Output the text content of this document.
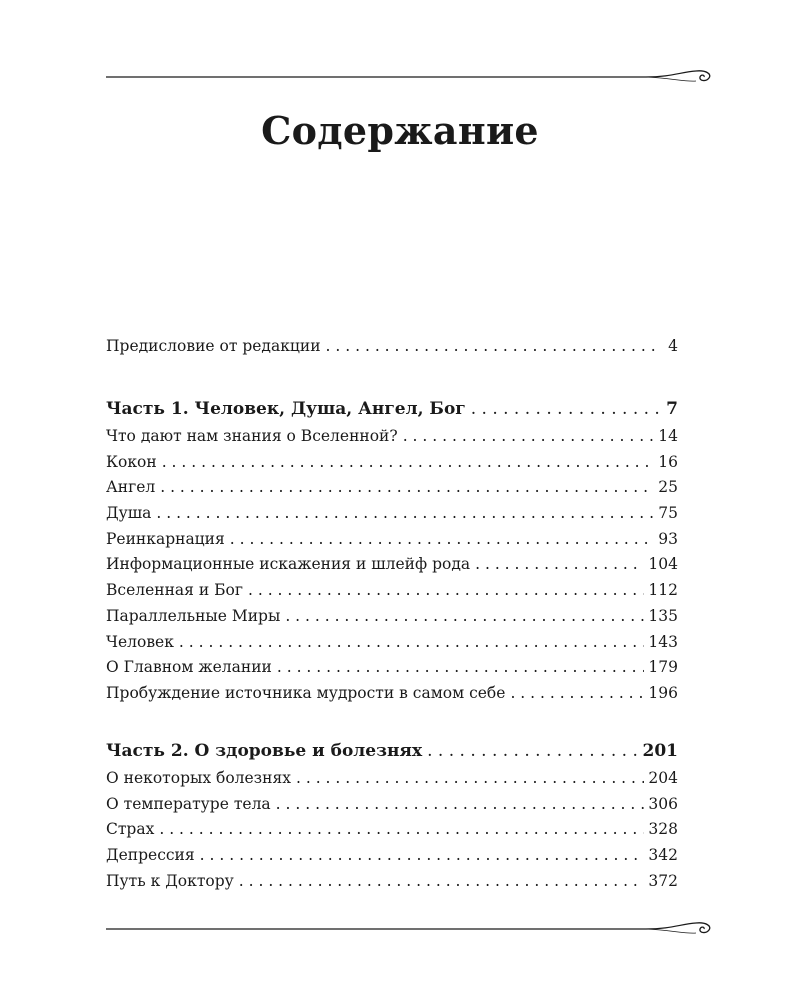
Содержание
Предисловие от редакции . . .	4
Часть 1. Человек, Душа, Ангел, Бог . . .	7
Что дают нам знания о Вселенной? . . .	14
Кокон . . .	16
Ангел . . .	25
Душа . . .	75
Реинкарнация . . .	93
Информационные искажения и шлейф рода . . .	104
Вселенная и Бог . . .	112
Параллельные Миры . . .	135
Человек . . .	143
О Главном желании . . .	179
Пробуждение источника мудрости в самом себе . . .	196
Часть 2. О здоровье и болезнях . . .	201
О некоторых болезнях . . .	204
О температуре тела . . .	306
Страх . . .	328
Депрессия . . .	342
Путь к Доктору . . .	372
